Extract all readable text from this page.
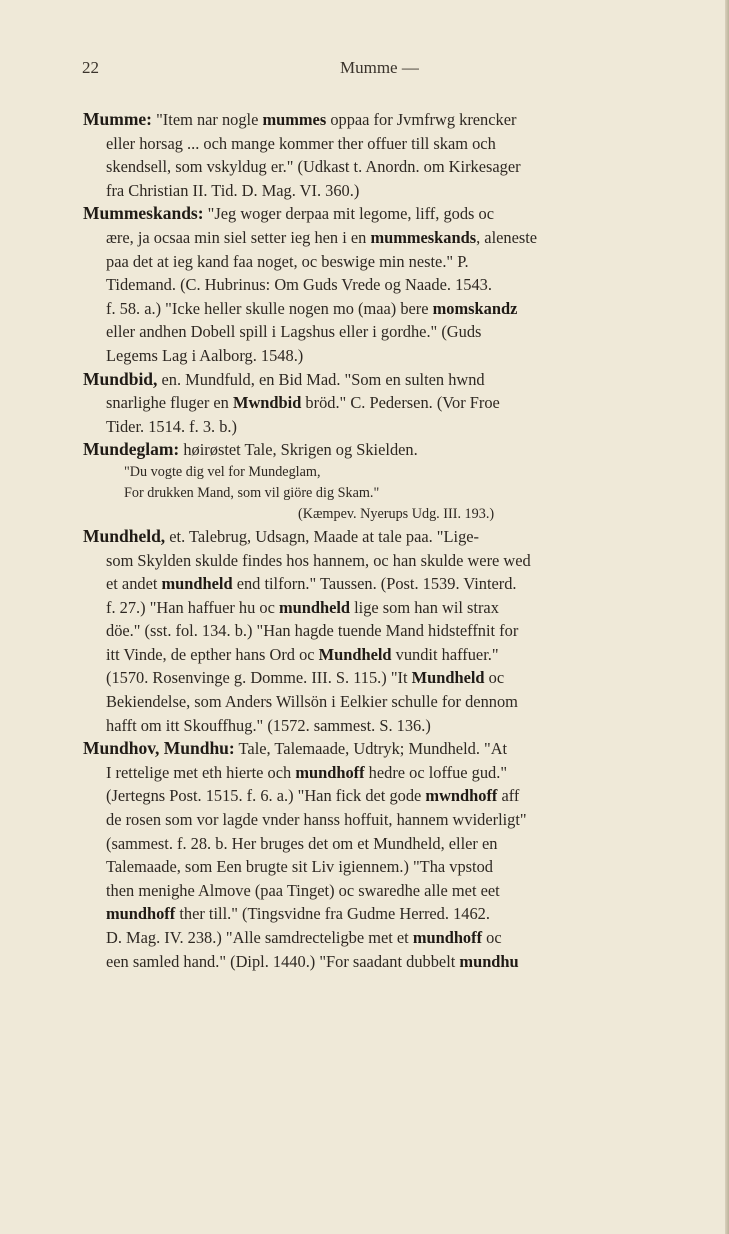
22	Mumme —
Mumme: "Item nar nogle mummes oppaa for Jvmfrwg krencker
eller horsag ... och mange kommer ther offuer till skam och
skendsell, som vskyldug er." (Udkast t. Anordn. om Kirkesager
fra Christian II. Tid. D. Mag. VI. 360.)
Mummeskands: "Jeg woger derpaa mit legome, liff, gods oc
ære, ja ocsaa min siel setter ieg hen i en mummeskands, aleneste
paa det at ieg kand faa noget, oc beswige min neste." P.
Tidemand. (C. Hubrinus: Om Guds Vrede og Naade. 1543.
f. 58. a.) "Icke heller skulle nogen mo (maa) bere momskandz
eller andhen Dobell spill i Lagshus eller i gordhe." (Guds
Legems Lag i Aalborg. 1548.)
Mundbid, en. Mundfuld, en Bid Mad. "Som en sulten hwnd
snarlighe fluger en Mwndbid bröd." C. Pedersen. (Vor Froe
Tider. 1514. f. 3. b.)
Mundeglam: høirøstet Tale, Skrigen og Skielden.
"Du vogte dig vel for Mundeglam,
For drukken Mand, som vil giöre dig Skam."
(Kæmpev. Nyerups Udg. III. 193.)
Mundheld, et. Talebrug, Udsagn, Maade at tale paa. "Lige-
som Skylden skulde findes hos hannem, oc han skulde were wed
et andet mundheld end tilforn." Taussen. (Post. 1539. Vinterd.
f. 27.) "Han haffuer hu oc mundheld lige som han wil strax
döe." (sst. fol. 134. b.) "Han hagde tuende Mand hidsteffnit for
itt Vinde, de epther hans Ord oc Mundheld vundit haffuer."
(1570. Rosenvinge g. Domme. III. S. 115.) "It Mundheld oc
Bekiendelse, som Anders Willsön i Eelkier schulle for dennom
hafft om itt Skouffhug." (1572. sammest. S. 136.)
Mundhov, Mundhu: Tale, Talemaade, Udtryk; Mundheld. "At
I rettelige met eth hierte och mundhoff hedre oc loffue gud."
(Jertegns Post. 1515. f. 6. a.) "Han fick det gode mwndhoff aff
de rosen som vor lagde vnder hanss hoffuit, hannem wviderligt"
(sammest. f. 28. b. Her bruges det om et Mundheld, eller en
Talemaade, som Een brugte sit Liv igiennem.) "Tha vpstod
then menighe Almove (paa Tinget) oc swaredhe alle met eet
mundhoff ther till." (Tingsvidne fra Gudme Herred. 1462.
D. Mag. IV. 238.) "Alle samdrecteligbe met et mundhoff oc
een samled hand." (Dipl. 1440.) "For saadant dubbelt mundhu
